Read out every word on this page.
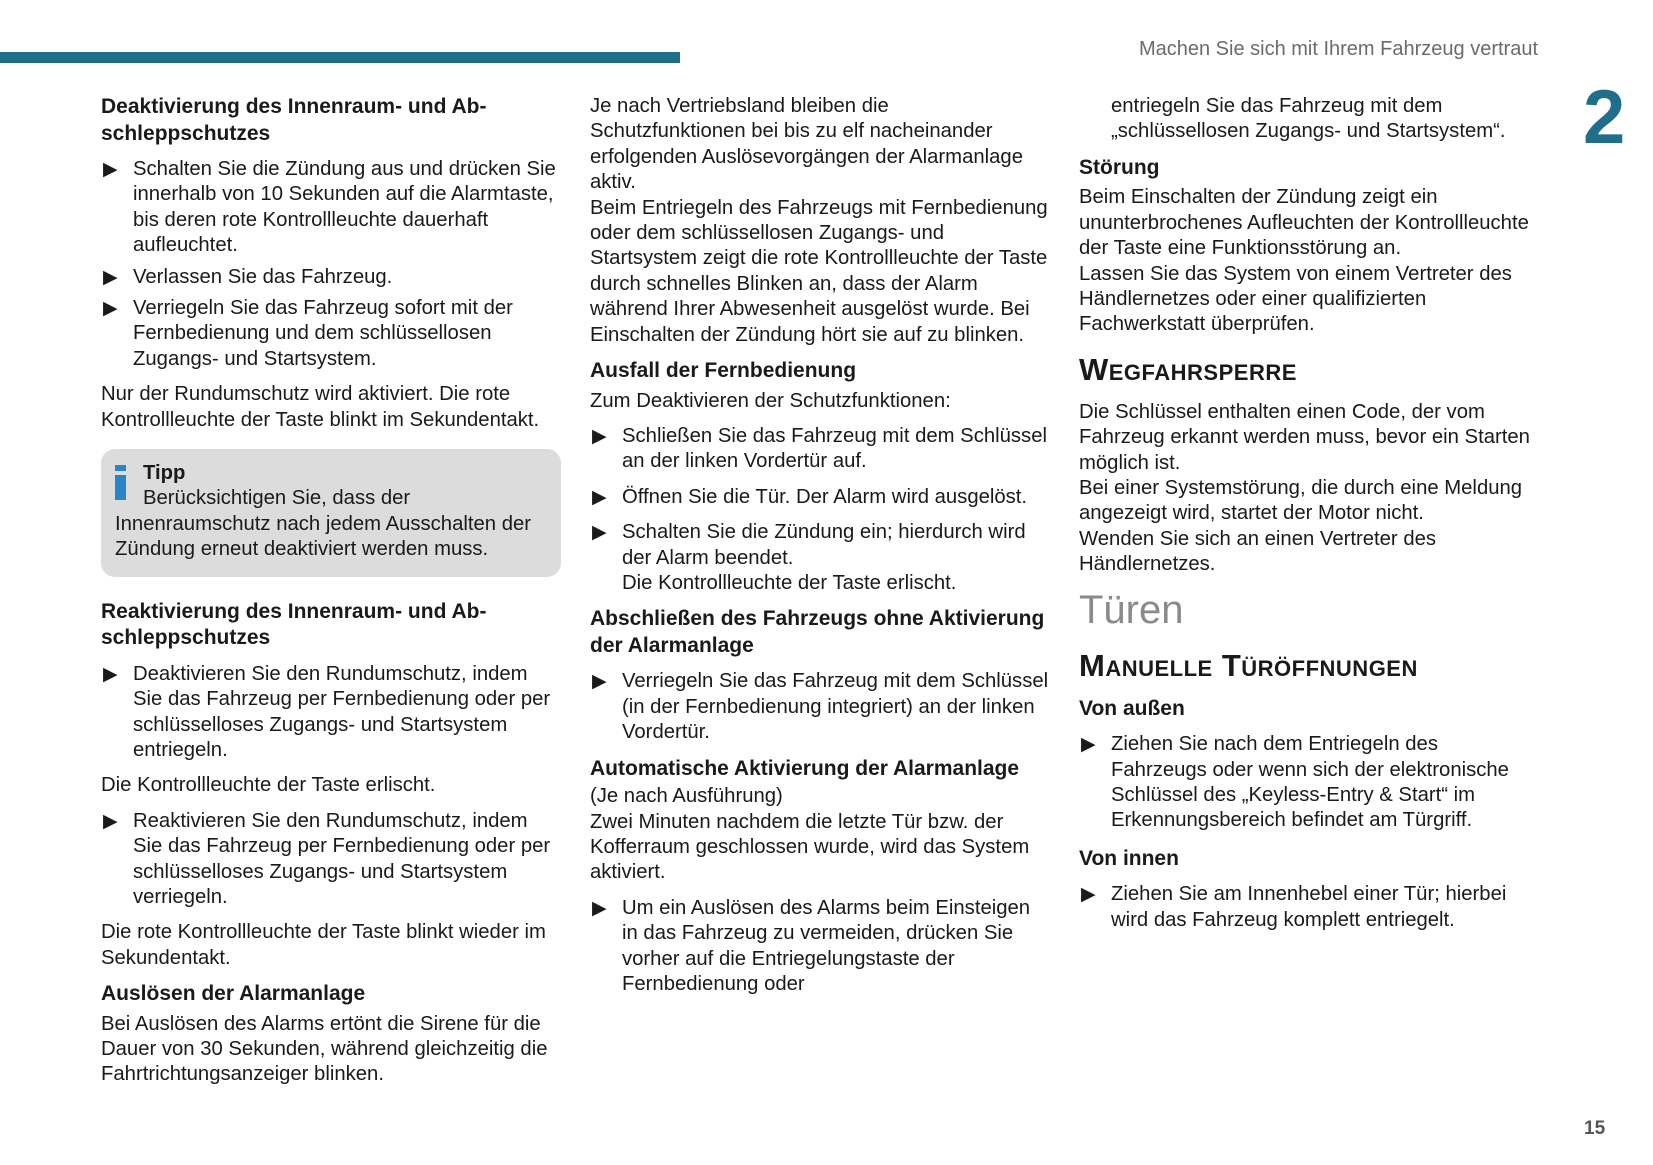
Machen Sie sich mit Ihrem Fahrzeug vertraut
2
15
Deaktivierung des Innenraum- und Abschleppschutzes
▶ Schalten Sie die Zündung aus und drücken Sie innerhalb von 10 Sekunden auf die Alarmtaste, bis deren rote Kontrollleuchte dauerhaft aufleuchtet.
▶ Verlassen Sie das Fahrzeug.
▶ Verriegeln Sie das Fahrzeug sofort mit der Fernbedienung und dem schlüssellosen Zugangs- und Startsystem.

Nur der Rundumschutz wird aktiviert. Die rote Kontrollleuchte der Taste blinkt im Sekundentakt.

Tipp
Berücksichtigen Sie, dass der
Innenraumschutz nach jedem Ausschalten der Zündung erneut deaktiviert werden muss.
Reaktivierung des Innenraum- und Abschleppschutzes
▶ Deaktivieren Sie den Rundumschutz, indem Sie das Fahrzeug per Fernbedienung oder per schlüsselloses Zugangs- und Startsystem entriegeln.

Die Kontrollleuchte der Taste erlischt.

▶ Reaktivieren Sie den Rundumschutz, indem Sie das Fahrzeug per Fernbedienung oder per schlüsselloses Zugangs- und Startsystem verriegeln.

Die rote Kontrollleuchte der Taste blinkt wieder im Sekundentakt.

Auslösen der Alarmanlage

Bei Auslösen des Alarms ertönt die Sirene für die Dauer von 30 Sekunden, während gleichzeitig die Fahrtrichtungsanzeiger blinken.

Je nach Vertriebsland bleiben die Schutzfunktionen bei bis zu elf nacheinander erfolgenden Auslösevorgängen der Alarmanlage aktiv.
Beim Entriegeln des Fahrzeugs mit Fernbedienung oder dem schlüssellosen Zugangs- und Startsystem zeigt die rote Kontrollleuchte der Taste durch schnelles Blinken an, dass der Alarm während Ihrer Abwesenheit ausgelöst wurde. Bei Einschalten der Zündung hört sie auf zu blinken.

Ausfall der Fernbedienung

Zum Deaktivieren der Schutzfunktionen:

▶ Schließen Sie das Fahrzeug mit dem Schlüssel an der linken Vordertür auf.
▶ Öffnen Sie die Tür. Der Alarm wird ausgelöst.
▶ Schalten Sie die Zündung ein; hierdurch wird der Alarm beendet.
Die Kontrollleuchte der Taste erlischt.
Abschließen des Fahrzeugs ohne Aktivierung der Alarmanlage
▶ Verriegeln Sie das Fahrzeug mit dem Schlüssel (in der Fernbedienung integriert) an der linken Vordertür.
Automatische Aktivierung der Alarmanlage

(Je nach Ausführung)
Zwei Minuten nachdem die letzte Tür bzw. der Kofferraum geschlossen wurde, wird das System aktiviert.

▶ Um ein Auslösen des Alarms beim Einsteigen in das Fahrzeug zu vermeiden, drücken Sie vorher auf die Entriegelungstaste der Fernbedienung oder

entriegeln Sie das Fahrzeug mit dem „schlüssellosen Zugangs- und Startsystem“.

Störung

Beim Einschalten der Zündung zeigt ein ununterbrochenes Aufleuchten der Kontrollleuchte der Taste eine Funktionsstörung an.
Lassen Sie das System von einem Vertreter des Händlernetzes oder einer qualifizierten Fachwerkstatt überprüfen.

Wegfahrsperre

Die Schlüssel enthalten einen Code, der vom Fahrzeug erkannt werden muss, bevor ein Starten möglich ist.
Bei einer Systemstörung, die durch eine Meldung angezeigt wird, startet der Motor nicht.
Wenden Sie sich an einen Vertreter des Händlernetzes.

Türen
Manuelle Türöffnungen
Von außen
▶ Ziehen Sie nach dem Entriegeln des Fahrzeugs oder wenn sich der elektronische Schlüssel des „Keyless-Entry & Start“ im Erkennungsbereich befindet am Türgriff.
Von innen
▶ Ziehen Sie am Innenhebel einer Tür; hierbei wird das Fahrzeug komplett entriegelt.
